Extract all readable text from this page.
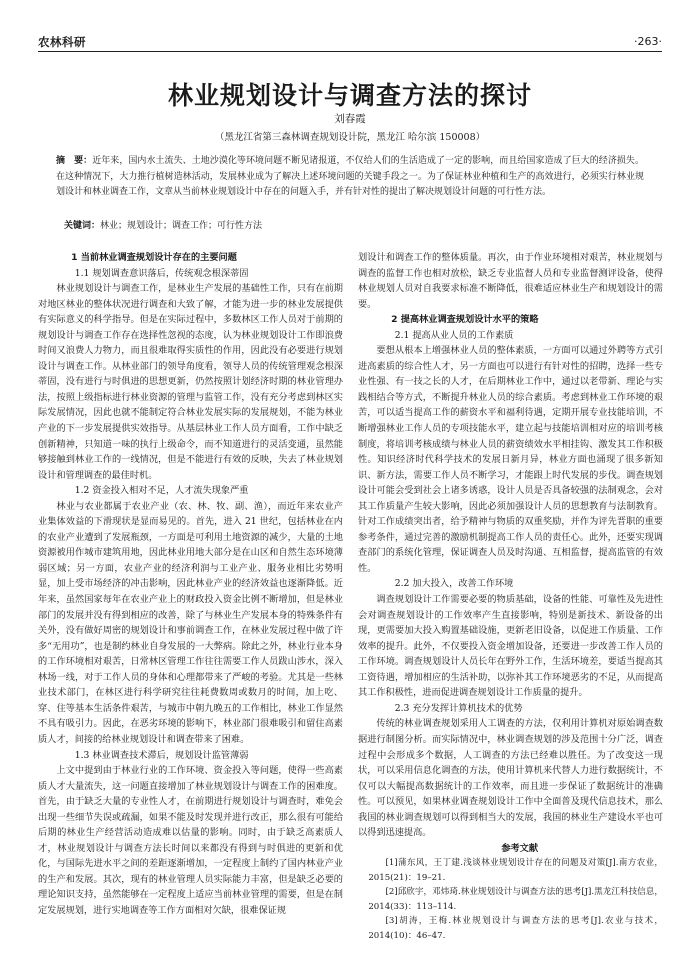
农林科研	·263·
林业规划设计与调查方法的探讨
刘春霞
（黑龙江省第三森林调查规划设计院，黑龙江 哈尔滨 150008）
摘　要：近年来，国内水土流失、土地沙漠化等环境问题不断见诸报道，不仅给人们的生活造成了一定的影响，而且给国家造成了巨大的经济损失。在这种情况下，大力推行植树造林活动，发展林业成为了解决上述环境问题的关键手段之一。为了保证林业种植和生产的高效进行，必须实行林业规划设计和林业调查工作，文章从当前林业规划设计中存在的问题入手，并有针对性的提出了解决规划设计问题的可行性方法。
关键词：林业；规划设计；调查工作；可行性方法

1 当前林业调查规划设计存在的主要问题

1.1 规划调查意识落后，传统观念根深蒂固

林业规划设计与调查工作，是林业生产发展的基础性工作，只有在前期对地区林业的整体状况进行调查和大致了解，才能为进一步的林业发展提供有实际意义的科学指导。但是在实际过程中，多数林区工作人员对于前期的规划设计与调查工作存在选择性忽视的态度，认为林业规划设计工作即浪费时间又浪费人力物力，而且很难取得实质性的作用，因此没有必要进行规划设计与调查工作。从林业部门的领导角度看，领导人员的传统管理观念根深蒂固，没有进行与时俱进的思想更新，仍然按照计划经济时期的林业管理办法，按照上级指标进行林业资源的管理与监管工作，没有充分考虑到林区实际发展情况，因此也就不能制定符合林业发展实际的发展规划，不能为林业产业的下一步发展提供实效指导。从基层林业工作人员方面看，工作中缺乏创新精神，只知道一味的执行上级命令，而不知道进行的灵活变通，虽然能够接触到林业工作的一线情况，但是不能进行有效的反映，失去了林业规划设计和管理调查的最佳时机。

1.2 资金投入相对不足，人才流失现象严重

林业与农业都属于农业产业（农、林、牧、副、渔），而近年来农业产业集体效益的下滑现状是显而易见的。首先，进入 21 世纪，包括林业在内的农业产业遭到了发展瓶颈，一方面是可利用土地资源的减少，大量的土地资源被用作城市建筑用地，因此林业用地大部分是在山区和自然生态环境薄弱区域；另一方面，农业产业的经济利润与工业产业、服务业相比劣势明显，加上受市场经济的冲击影响，因此林业产业的经济效益也逐渐降低。近年来，虽然国家每年在农业产业上的财政投入资金比例不断增加，但是林业部门的发展并没有得到相应的改善，除了与林业生产发展本身的特殊条件有关外，没有做好周密的规划设计和事前调查工作，在林业发展过程中做了许多“无用功”，也是制约林业自身发展的一大弊病。除此之外，林业行业本身的工作环境相对艰苦，日常林区管理工作往往需要工作人员跋山涉水，深入林场一线，对于工作人员的身体和心理都带来了严峻的考验。尤其是一些林业技术部门，在林区进行科学研究往往耗费数周或数月的时间，加上吃、穿、住等基本生活条件艰苦，与城市中朝九晚五的工作相比，林业工作显然不具有吸引力。因此，在恶劣环境的影响下，林业部门很难吸引和留住高素质人才，间接的给林业规划设计和调查带来了困难。

1.3 林业调查技术滞后，规划设计监管薄弱

上文中提到由于林业行业的工作环境、资金投入等问题，使得一些高素质人才大量流失，这一问题直接增加了林业规划设计与调查工作的困难度。首先，由于缺乏大量的专业性人才，在前期进行规划设计与调查时，难免会出现一些细节失误或疏漏，如果不能及时发现并进行改正，那么很有可能给后期的林业生产经营活动造成难以估量的影响。同时，由于缺乏高素质人才，林业规划设计与调查方法长时间以来都没有得到与时俱进的更新和优化，与国际先进水平之间的差距逐渐增加，一定程度上制约了国内林业产业的生产和发展。其次，现有的林业管理人员实际能力丰富，但是缺乏必要的理论知识支持，虽然能够在一定程度上适应当前林业管理的需要，但是在制定发展规划，进行实地调查等工作方面相对欠缺，很难保证规

划设计和调查工作的整体质量。再次，由于作业环境相对艰苦，林业规划与调查的监督工作也相对放松，缺乏专业监督人员和专业监督测评设备，使得林业规划人员对自我要求标准不断降低，很难适应林业生产和规划设计的需要。

2 提高林业调查规划设计水平的策略

2.1 提高从业人员的工作素质

要想从根本上增强林业人员的整体素质，一方面可以通过外聘等方式引进高素质的综合性人才，另一方面也可以进行有针对性的招聘，选择一些专业性强、有一技之长的人才，在后期林业工作中，通过以老带新、理论与实践相结合等方式，不断提升林业人员的综合素质。考虑到林业工作环境的艰苦，可以适当提高工作的薪资水平和福利待遇，定期开展专业技能培训，不断增强林业工作人员的专项技能水平，建立起与技能培训相对应的培训考核制度，将培训考核成绩与林业人员的薪资绩效水平相挂钩、激发其工作积极性。知识经济时代科学技术的发展日新月异，林业方面也涌现了很多新知识、新方法，需要工作人员不断学习，才能跟上时代发展的步伐。调查规划设计可能会受到社会上诸多诱惑，设计人员是否具备较强的法制观念，会对其工作质量产生较大影响，因此必须加强设计人员的思想教育与法制教育。针对工作成绩突出者，给予精神与物质的双重奖励，并作为评先晋职的重要参考条件，通过完善的激励机制提高工作人员的责任心。此外，还要实现调查部门的系统化管理，保证调查人员及时沟通、互相监督，提高监管的有效性。

2.2 加大投入，改善工作环境

调查规划设计工作需要必要的物质基础，设备的性能、可靠性及先进性会对调查规划设计的工作效率产生直接影响，特别是新技术、新设备的出现，更需要加大投入购置基础设施，更新老旧设备，以促进工作质量、工作效率的提升。此外，不仅要投入资金增加设备，还要进一步改善工作人员的工作环境。调查规划设计人员长年在野外工作，生活环境差，要适当提高其工资待遇，增加相应的生活补助，以弥补其工作环境恶劣的不足，从而提高其工作积极性，进而促进调查规划设计工作质量的提升。

2.3 充分发挥计算机技术的优势

传统的林业调查规划采用人工调查的方法，仅利用计算机对原始调查数据进行制图分析。而实际情况中，林业调查规划的涉及范围十分广泛，调查过程中会形成多个数据，人工调查的方法已经难以胜任。为了改变这一现状，可以采用信息化调查的方法，使用计算机来代替人力进行数据统计，不仅可以大幅提高数据统计的工作效率，而且进一步保证了数据统计的准确性。可以预见，如果林业调查规划设计工作中全面普及现代信息技术，那么我国的林业调查规划可以得到相当大的发展，我国的林业生产建设水平也可以得到迅速提高。

参考文献

[1]蒲东风，王丁建.浅谈林业规划设计存在的问题及对策[J].南方农业，2015(21)：19–21.

[2]邱欣宇，邓炜琦.林业规划设计与调查方法的思考[J].黑龙江科技信息，2014(33)：113–114.

[3]胡涛，王梅.林业规划设计与调查方法的思考[J].农业与技术，2014(10)：46–47.
